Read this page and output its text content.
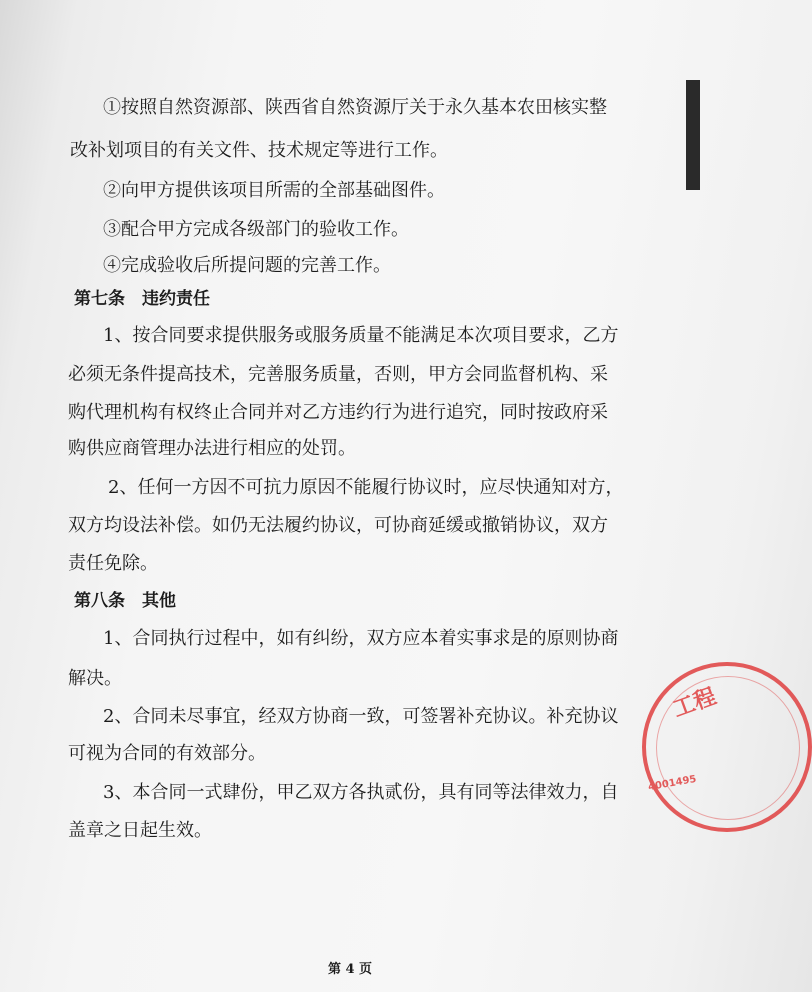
①按照自然资源部、陕西省自然资源厅关于永久基本农田核实整
改补划项目的有关文件、技术规定等进行工作。
②向甲方提供该项目所需的全部基础图件。
③配合甲方完成各级部门的验收工作。
④完成验收后所提问题的完善工作。
第七条　违约责任
1、按合同要求提供服务或服务质量不能满足本次项目要求，乙方
必须无条件提高技术，完善服务质量，否则，甲方会同监督机构、采
购代理机构有权终止合同并对乙方违约行为进行追究，同时按政府采
购供应商管理办法进行相应的处罚。
2、任何一方因不可抗力原因不能履行协议时，应尽快通知对方，
双方均设法补偿。如仍无法履约协议，可协商延缓或撤销协议，双方
责任免除。
第八条　其他
1、合同执行过程中，如有纠纷，双方应本着实事求是的原则协商
解决。
2、合同未尽事宜，经双方协商一致，可签署补充协议。补充协议
可视为合同的有效部分。
3、本合同一式肆份，甲乙双方各执贰份，具有同等法律效力，自
盖章之日起生效。
工程
4001495
第 4 页
